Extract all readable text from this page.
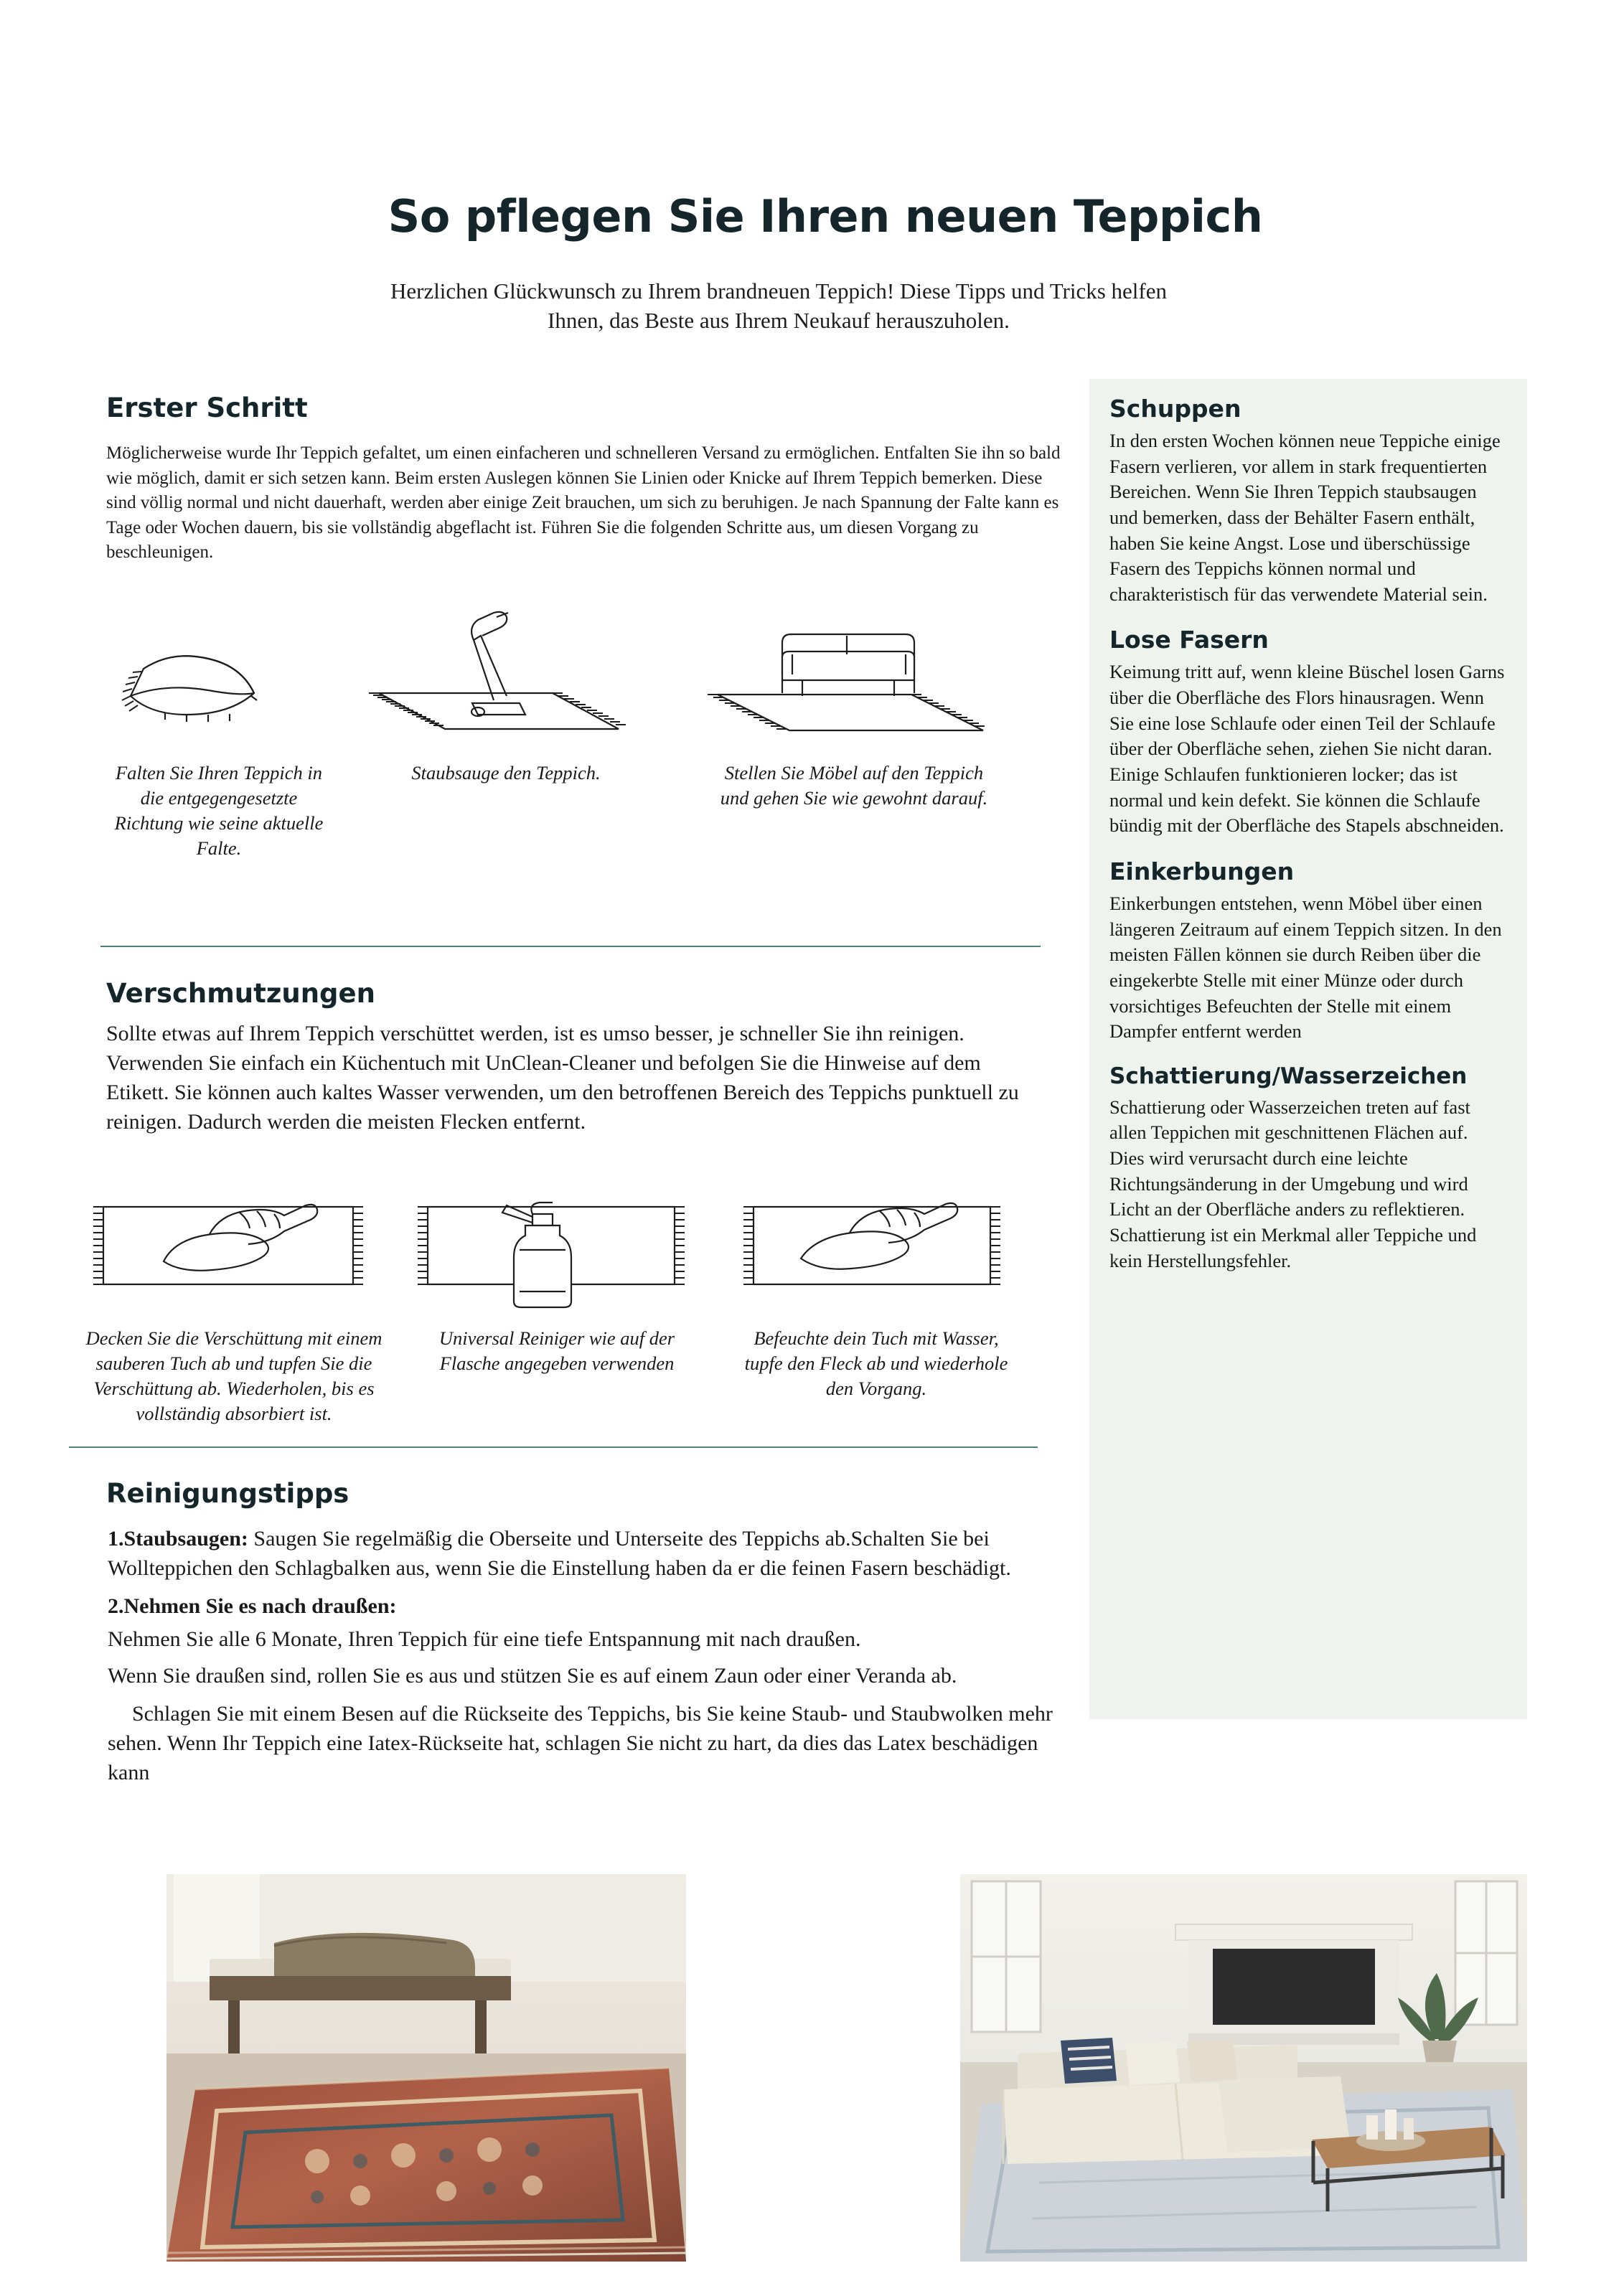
So pflegen Sie Ihren neuen Teppich
Herzlichen Glückwunsch zu Ihrem brandneuen Teppich! Diese Tipps und Tricks helfen Ihnen, das Beste aus Ihrem Neukauf herauszuholen.
Erster Schritt
Möglicherweise wurde Ihr Teppich gefaltet, um einen einfacheren und schnelleren Versand zu ermöglichen. Entfalten Sie ihn so bald wie möglich, damit er sich setzen kann. Beim ersten Auslegen können Sie Linien oder Knicke auf Ihrem Teppich bemerken. Diese sind völlig normal und nicht dauerhaft, werden aber einige Zeit brauchen, um sich zu beruhigen. Je nach Spannung der Falte kann es Tage oder Wochen dauern, bis sie vollständig abgeflacht ist. Führen Sie die folgenden Schritte aus, um diesen Vorgang zu beschleunigen.
Falten Sie Ihren Teppich in die entgegengesetzte Richtung wie seine aktuelle Falte.
Staubsauge den Teppich.	Stellen Sie Möbel auf den Teppich und gehen Sie wie gewohnt darauf.
Verschmutzungen
Sollte etwas auf Ihrem Teppich verschüttet werden, ist es umso besser, je schneller Sie ihn reinigen. Verwenden Sie einfach ein Küchentuch mit UnClean-Cleaner und befolgen Sie die Hinweise auf dem Etikett. Sie können auch kaltes Wasser verwenden, um den betroffenen Bereich des Teppichs punktuell zu reinigen. Dadurch werden die meisten Flecken entfernt.
Decken Sie die Verschüttung mit einem sauberen Tuch ab und tupfen Sie die Verschüttung ab. Wiederholen, bis es vollständig absorbiert ist.
Universal Reiniger wie auf der Flasche angegeben verwenden
Befeuchte dein Tuch mit Wasser, tupfe den Fleck ab und wiederhole den Vorgang.
Reinigungstipps
1.Staubsaugen: Saugen Sie regelmäßig die Oberseite und Unterseite des Teppichs ab.Schalten Sie bei Wollteppichen den Schlagbalken aus, wenn Sie die Einstellung haben da er die feinen Fasern beschädigt.
2.Nehmen Sie es nach draußen:
Nehmen Sie alle 6 Monate, Ihren Teppich für eine tiefe Entspannung mit nach draußen.
Wenn Sie draußen sind, rollen Sie es aus und stützen Sie es auf einem Zaun oder einer Veranda ab.
Schlagen Sie mit einem Besen auf die Rückseite des Teppichs, bis Sie keine Staub- und Staubwolken mehr sehen. Wenn Ihr Teppich eine Iatex-Rückseite hat, schlagen Sie nicht zu hart, da dies das Latex beschädigen kann
Schuppen
In den ersten Wochen können neue Teppiche einige Fasern verlieren, vor allem in stark frequentierten Bereichen. Wenn Sie Ihren Teppich staubsaugen und bemerken, dass der Behälter Fasern enthält, haben Sie keine Angst. Lose und überschüssige Fasern des Teppichs können normal und charakteristisch für das verwendete Material sein.
Lose Fasern
Keimung tritt auf, wenn kleine Büschel losen Garns über die Oberfläche des Flors hinausragen. Wenn Sie eine lose Schlaufe oder einen Teil der Schlaufe über der Oberfläche sehen, ziehen Sie nicht daran. Einige Schlaufen funktionieren locker; das ist normal und kein defekt. Sie können die Schlaufe bündig mit der Oberfläche des Stapels abschneiden.
Einkerbungen
Einkerbungen entstehen, wenn Möbel über einen längeren Zeitraum auf einem Teppich sitzen. In den meisten Fällen können sie durch Reiben über die eingekerbte Stelle mit einer Münze oder durch vorsichtiges Befeuchten der Stelle mit einem Dampfer entfernt werden
Schattierung/Wasserzeichen
Schattierung oder Wasserzeichen treten auf fast allen Teppichen mit geschnittenen Flächen auf. Dies wird verursacht durch eine leichte Richtungsänderung in der Umgebung und wird Licht an der Oberfläche anders zu reflektieren. Schattierung ist ein Merkmal aller Teppiche und kein Herstellungsfehler.
